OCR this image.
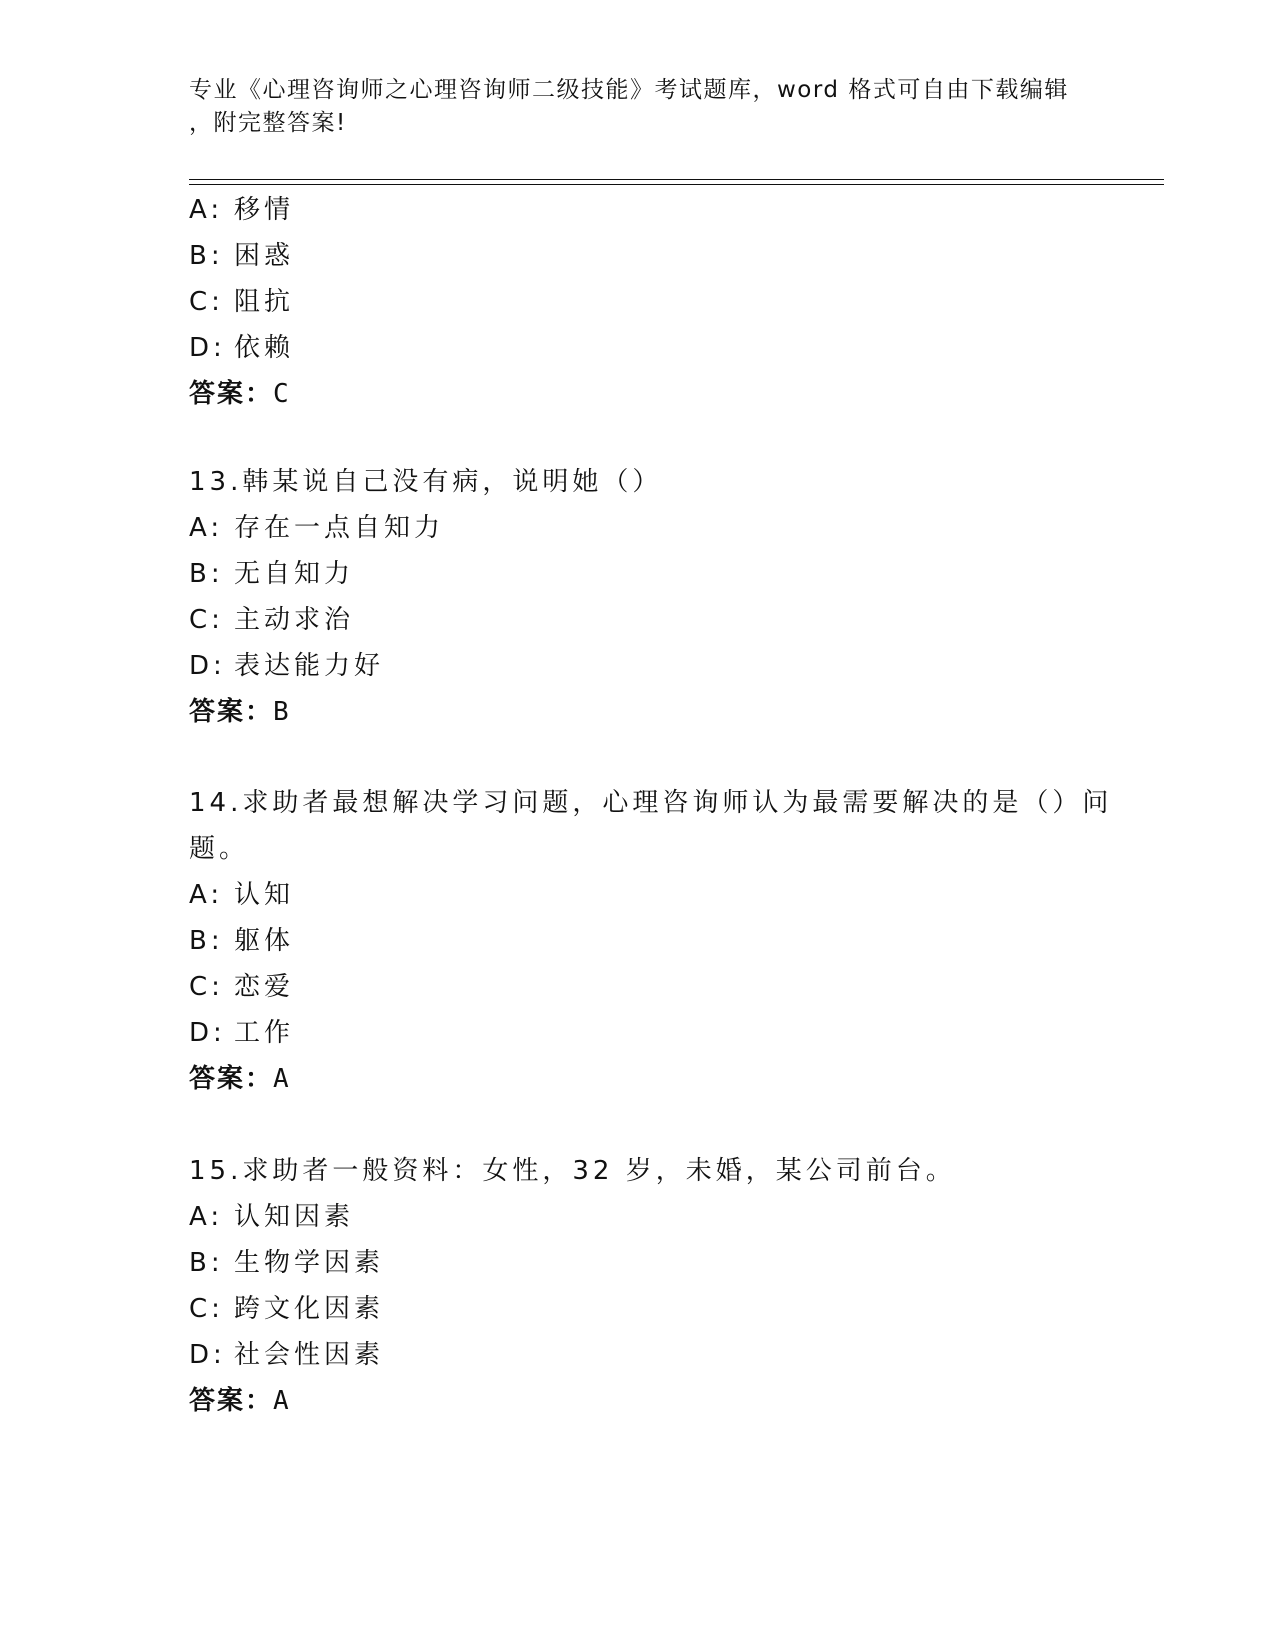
专业《心理咨询师之心理咨询师二级技能》考试题库，word 格式可自由下载编辑
，附完整答案!
A: 移情
B: 困惑
C: 阻抗
D: 依赖
答案：C
13.韩某说自己没有病，说明她（）
A: 存在一点自知力
B: 无自知力
C: 主动求治
D: 表达能力好
答案：B
14.求助者最想解决学习问题，心理咨询师认为最需要解决的是（）问
题。
A: 认知
B: 躯体
C: 恋爱
D: 工作
答案：A
15.求助者一般资料：女性，32 岁，未婚，某公司前台。
A: 认知因素
B: 生物学因素
C: 跨文化因素
D: 社会性因素
答案：A
